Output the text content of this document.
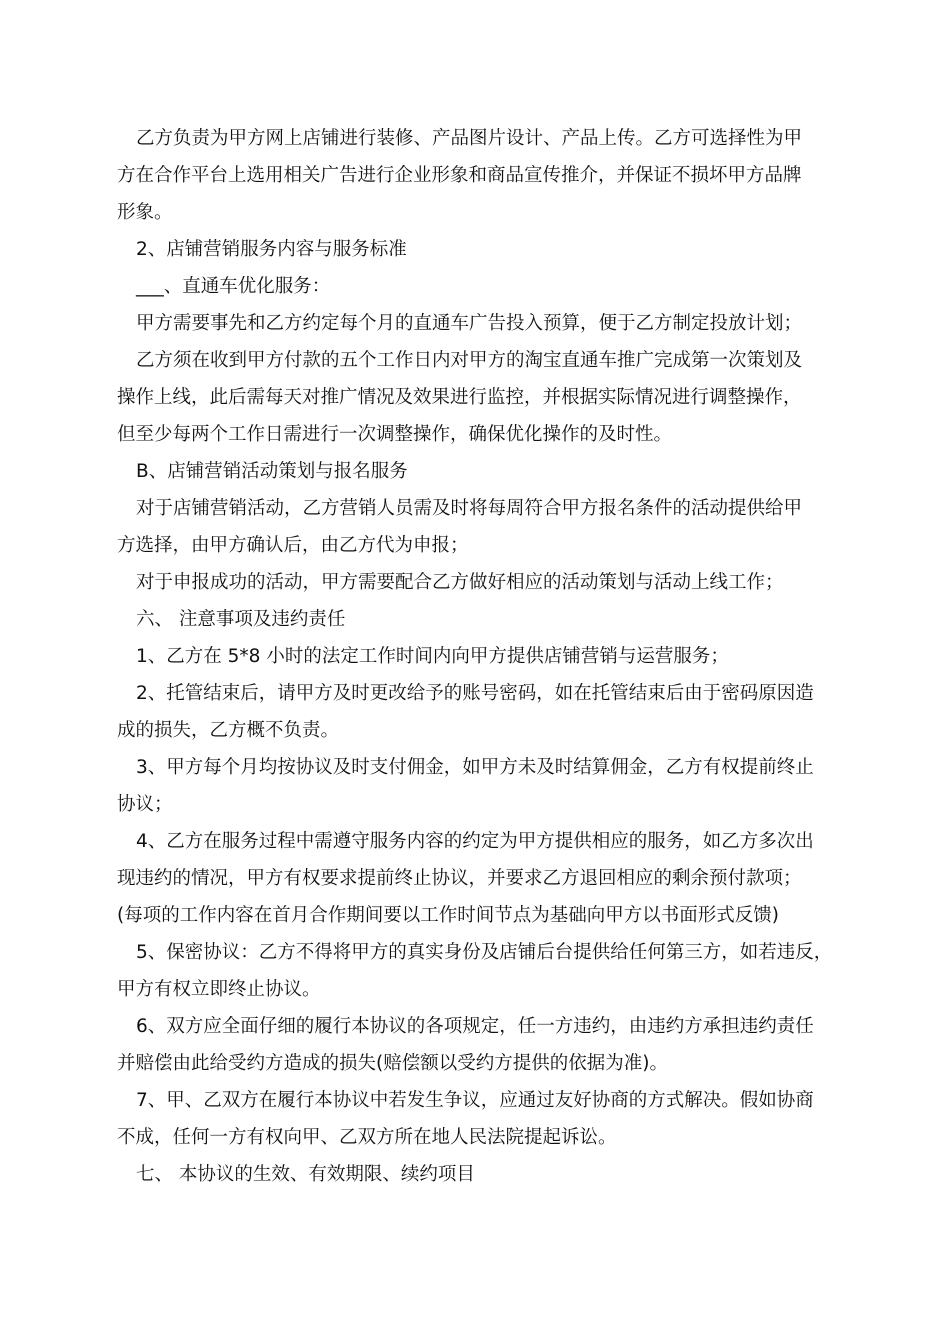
乙方负责为甲方网上店铺进行装修、产品图片设计、产品上传。乙方可选择性为甲
方在合作平台上选用相关广告进行企业形象和商品宣传推介，并保证不损坏甲方品牌
形象。
2、店铺营销服务内容与服务标准
___、直通车优化服务：
甲方需要事先和乙方约定每个月的直通车广告投入预算，便于乙方制定投放计划；
乙方须在收到甲方付款的五个工作日内对甲方的淘宝直通车推广完成第一次策划及
操作上线，此后需每天对推广情况及效果进行监控，并根据实际情况进行调整操作，
但至少每两个工作日需进行一次调整操作，确保优化操作的及时性。
B、店铺营销活动策划与报名服务
对于店铺营销活动，乙方营销人员需及时将每周符合甲方报名条件的活动提供给甲
方选择，由甲方确认后，由乙方代为申报；
对于申报成功的活动，甲方需要配合乙方做好相应的活动策划与活动上线工作；
六、 注意事项及违约责任
1、乙方在 5*8 小时的法定工作时间内向甲方提供店铺营销与运营服务；
2、托管结束后，请甲方及时更改给予的账号密码，如在托管结束后由于密码原因造
成的损失，乙方概不负责。
3、甲方每个月均按协议及时支付佣金，如甲方未及时结算佣金，乙方有权提前终止
协议；
4、乙方在服务过程中需遵守服务内容的约定为甲方提供相应的服务，如乙方多次出
现违约的情况，甲方有权要求提前终止协议，并要求乙方退回相应的剩余预付款项；
(每项的工作内容在首月合作期间要以工作时间节点为基础向甲方以书面形式反馈)
5、保密协议：乙方不得将甲方的真实身份及店铺后台提供给任何第三方，如若违反，
甲方有权立即终止协议。
6、双方应全面仔细的履行本协议的各项规定，任一方违约，由违约方承担违约责任
并赔偿由此给受约方造成的损失(赔偿额以受约方提供的依据为准)。
7、甲、乙双方在履行本协议中若发生争议，应通过友好协商的方式解决。假如协商
不成，任何一方有权向甲、乙双方所在地人民法院提起诉讼。
七、 本协议的生效、有效期限、续约项目
